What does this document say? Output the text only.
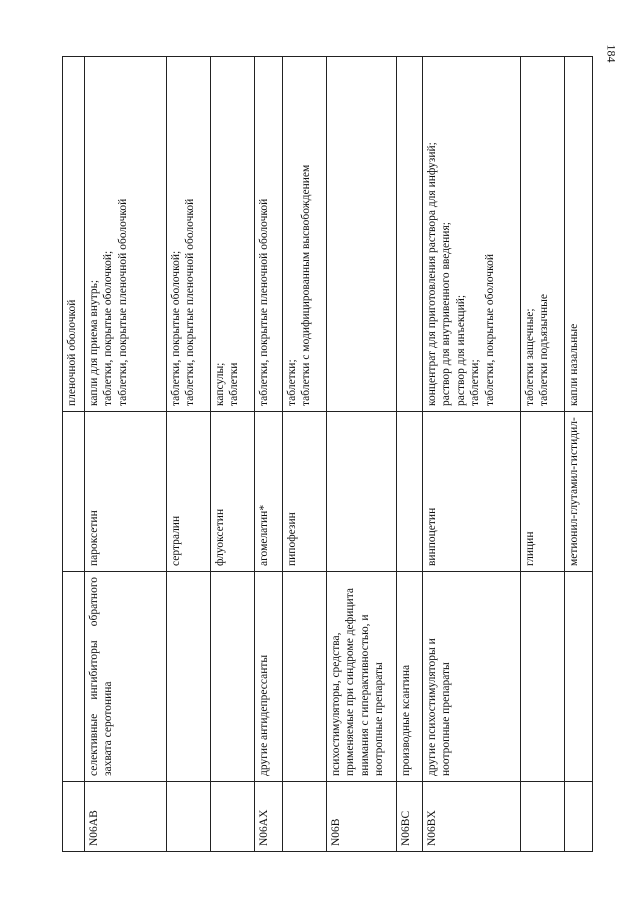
184
			пленочной оболочкой
N06AB	селективные ингибиторы обратного захвата серотонина	пароксетин	капли для приема внутрь;
таблетки, покрытые оболочкой;
таблетки, покрытые пленочной оболочкой
		сертралин	таблетки, покрытые оболочкой;
таблетки, покрытые пленочной оболочкой
		флуоксетин	капсулы;
таблетки
N06AX	другие антидепрессанты	агомелатин*	таблетки, покрытые пленочной оболочкой
		пипофезин	таблетки;
таблетки с модифицированным высвобождением
N06B	психостимуляторы, средства, применяемые при синдроме дефицита внимания с гиперактивностью, и ноотропные препараты		
N06BC	производные ксантина		
N06BX	другие психостимуляторы и ноотропные препараты	винпоцетин	концентрат для приготовления раствора для инфузий;
раствор для внутривенного введения;
раствор для инъекций;
таблетки;
таблетки, покрытые оболочкой
		глицин	таблетки защечные;
таблетки подъязычные
		метионил-глутамил-гистидил-	капли назальные
